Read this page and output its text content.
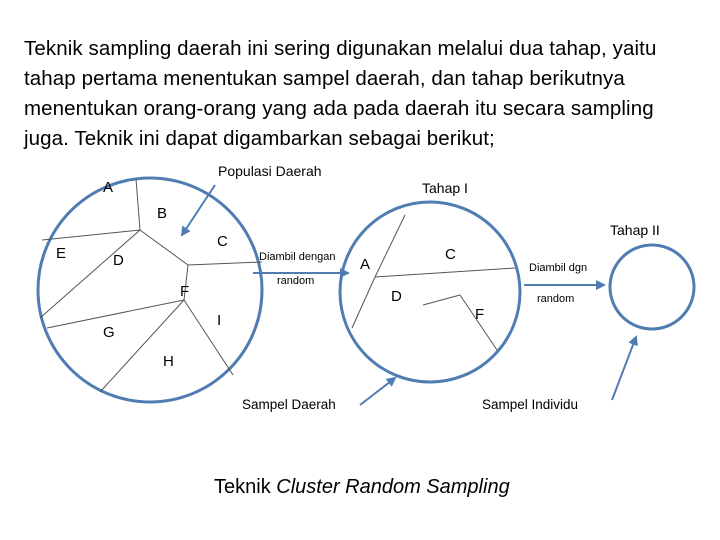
Teknik sampling daerah ini sering digunakan melalui dua tahap, yaitu tahap pertama menentukan sampel daerah, dan tahap berikutnya menentukan orang-orang yang ada pada daerah itu secara sampling juga. Teknik ini dapat digambarkan sebagai berikut;

A
B
C
D
E
F
G
H
I
A
C
D
F
Populasi Daerah
Tahap I
Tahap II
Diambil dengan
random
Diambil dgn
random
Sampel Daerah	Sampel Individu
Teknik Cluster Random Sampling
